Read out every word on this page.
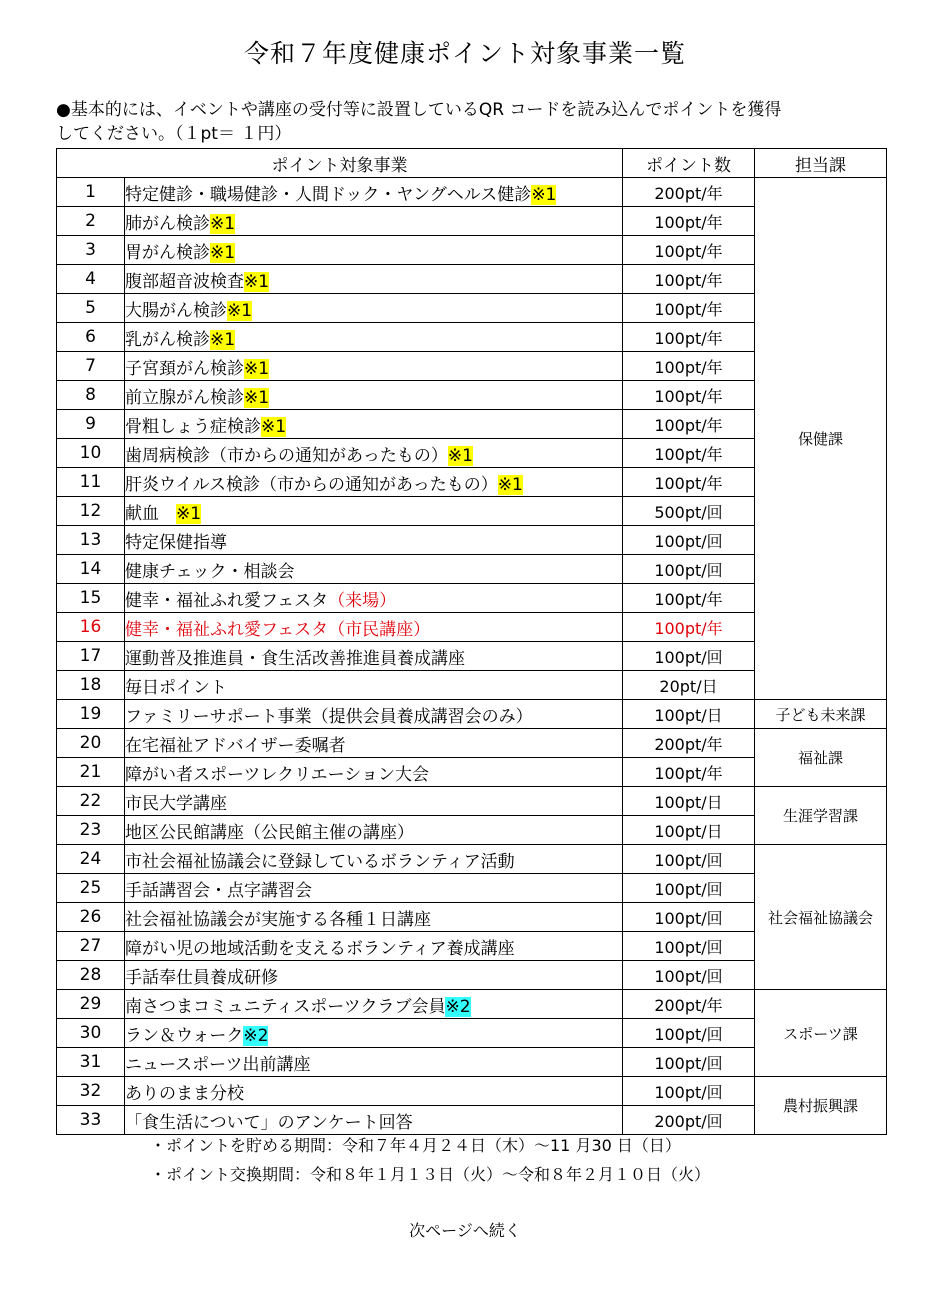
令和７年度健康ポイント対象事業一覧
●基本的には、イベントや講座の受付等に設置しているQR コードを読み込んでポイントを獲得
してください。（１pt＝ １円）
ポイント対象事業		ポイント数	担当課
1	特定健診・職場健診・人間ドック・ヤングヘルス健診※1	200pt/年	保健課
2	肺がん検診※1	100pt/年	
3	胃がん検診※1	100pt/年	
4	腹部超音波検査※1	100pt/年	
5	大腸がん検診※1	100pt/年	
6	乳がん検診※1	100pt/年	
7	子宮頚がん検診※1	100pt/年	
8	前立腺がん検診※1	100pt/年	
9	骨粗しょう症検診※1	100pt/年	
10	歯周病検診（市からの通知があったもの）※1	100pt/年	
11	肝炎ウイルス検診（市からの通知があったもの）※1	100pt/年	
12	献血　※1	500pt/回	
13	特定保健指導	100pt/回	
14	健康チェック・相談会	100pt/回	
15	健幸・福祉ふれ愛フェスタ（来場）	100pt/年	
16	健幸・福祉ふれ愛フェスタ（市民講座）	100pt/年	
17	運動普及推進員・食生活改善推進員養成講座	100pt/回	
18	毎日ポイント	20pt/日	
19	ファミリーサポート事業（提供会員養成講習会のみ）	100pt/日	子ども未来課
20	在宅福祉アドバイザー委嘱者	200pt/年	福祉課
21	障がい者スポーツレクリエーション大会	100pt/年	
22	市民大学講座	100pt/日	生涯学習課
23	地区公民館講座（公民館主催の講座）	100pt/日	
24	市社会福祉協議会に登録しているボランティア活動	100pt/回	社会福祉協議会
25	手話講習会・点字講習会	100pt/回	
26	社会福祉協議会が実施する各種１日講座	100pt/回	
27	障がい児の地域活動を支えるボランティア養成講座	100pt/回	
28	手話奉仕員養成研修	100pt/回	
29	南さつまコミュニティスポーツクラブ会員※2	200pt/年	スポーツ課
30	ラン＆ウォーク※2	100pt/回	
31	ニュースポーツ出前講座	100pt/回	
32	ありのまま分校	100pt/回	農村振興課
33	「食生活について」のアンケート回答	200pt/回	
・ポイントを貯める期間：令和７年４月２４日（木）～11 月30 日（日）
・ポイント交換期間：令和８年１月１３日（火）～令和８年２月１０日（火）
次ページへ続く
